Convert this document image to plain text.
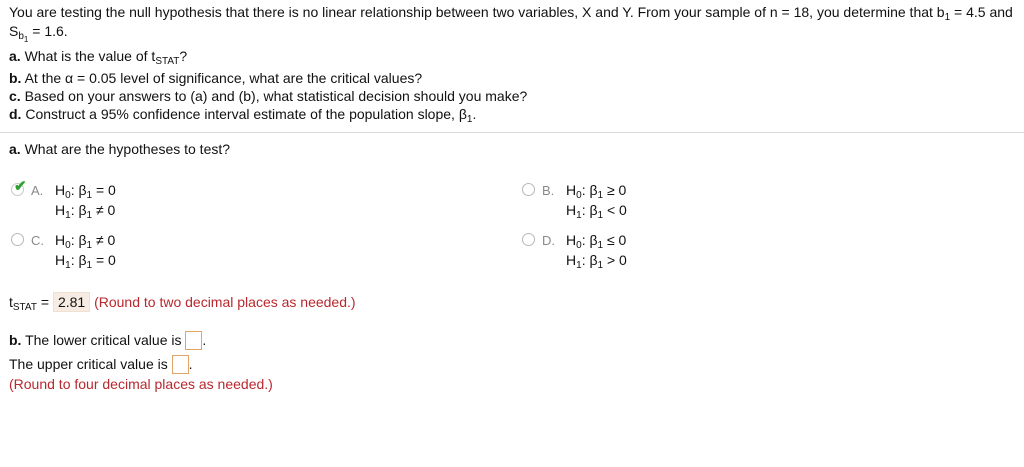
You are testing the null hypothesis that there is no linear relationship between two variables, X and Y. From your sample of n = 18, you determine that $b_1 = 4.5$ and
$S_{b_1} = 1.6$.
a. What is the value of $t_{STAT}$?
b. At the α = 0.05 level of significance, what are the critical values?
c. Based on your answers to (a) and (b), what statistical decision should you make?
d. Construct a 95% confidence interval estimate of the population slope, $\beta_1$.
a. What are the hypotheses to test?
✔ A. $H_0$: $\beta_1 = 0$
$H_1$: $\beta_1 \ne 0$
B. $H_0$: $\beta_1 \ge 0$
$H_1$: $\beta_1 < 0$
C. $H_0$: $\beta_1 \ne 0$
$H_1$: $\beta_1 = 0$
D. $H_0$: $\beta_1 \le 0$
$H_1$: $\beta_1 > 0$
$t_{STAT} = 2.81$ (Round to two decimal places as needed.)
b. The lower critical value is .
The upper critical value is .
(Round to four decimal places as needed.)
